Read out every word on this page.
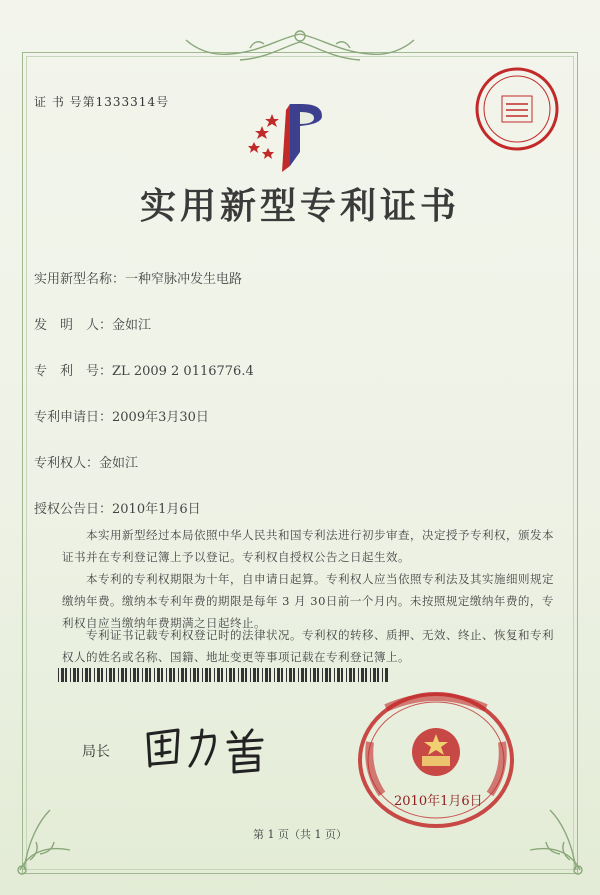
证 书 号第1333314号
实用新型专利证书
实用新型名称：一种窄脉冲发生电路
发　明　人：金如江
专　利　号：ZL 2009 2 0116776.4
专利申请日：2009年3月30日
专利权人：金如江
授权公告日：2010年1月6日
本实用新型经过本局依照中华人民共和国专利法进行初步审查，决定授予专利权，颁发本证书并在专利登记簿上予以登记。专利权自授权公告之日起生效。
本专利的专利权期限为十年，自申请日起算。专利权人应当依照专利法及其实施细则规定缴纳年费。缴纳本专利年费的期限是每年 3 月 30日前一个月内。未按照规定缴纳年费的，专利权自应当缴纳年费期满之日起终止。
专利证书记载专利权登记时的法律状况。专利权的转移、质押、无效、终止、恢复和专利权人的姓名或名称、国籍、地址变更等事项记载在专利登记簿上。
局长
2010年1月6日
第 1 页（共 1 页）
